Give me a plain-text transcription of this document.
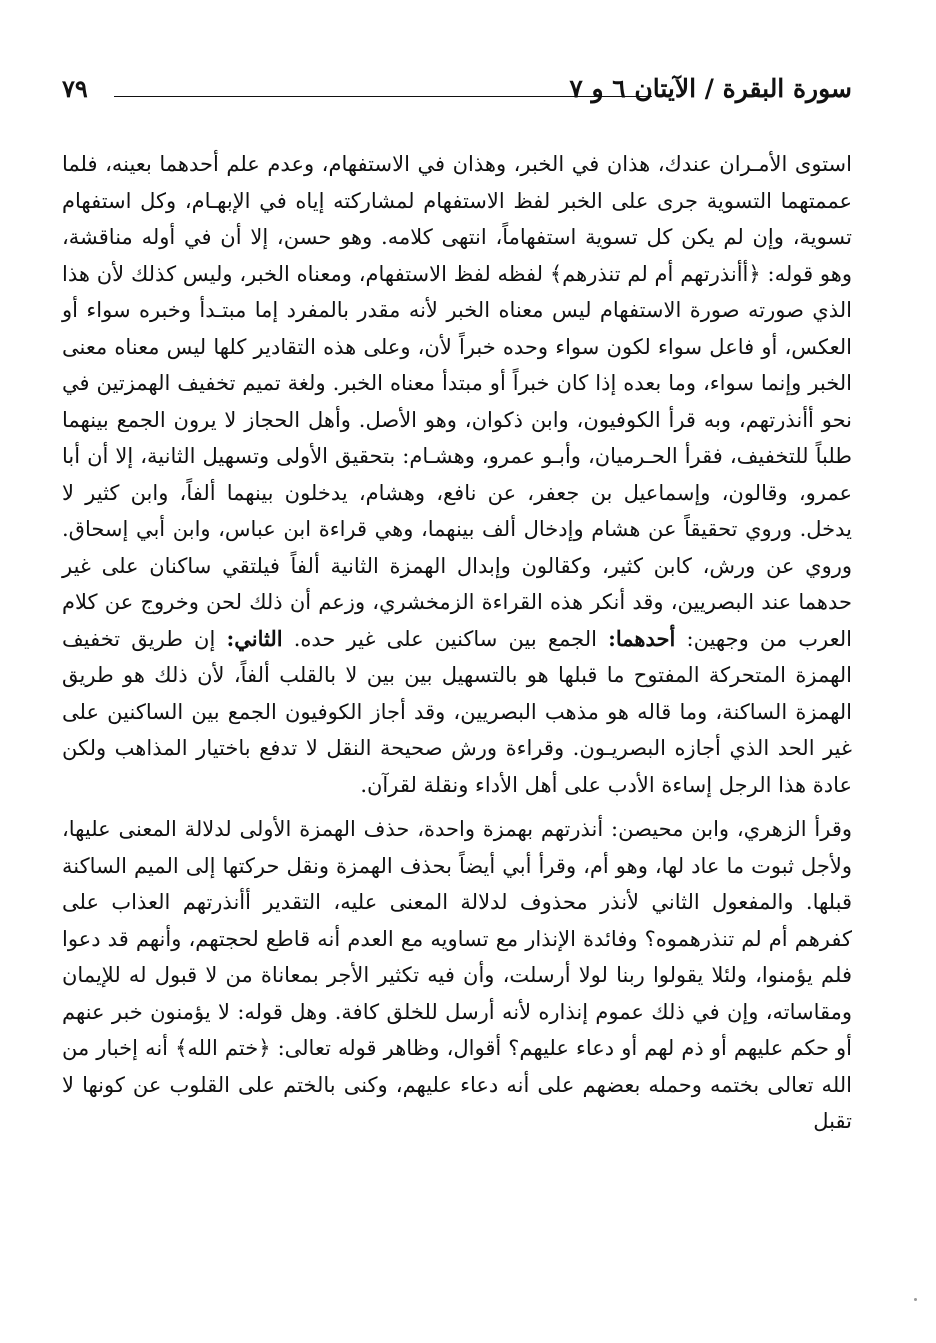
سورة البقرة / الآيتان ٦ و ٧
٧٩

استوى الأمـران عندك، هذان في الخبر، وهذان في الاستفهام، وعدم علم أحدهما بعينه، فلما عممتهما التسوية جرى على الخبر لفظ الاستفهام لمشاركته إياه في الإبهـام، وكل استفهام تسوية، وإن لم يكن كل تسوية استفهاماً، انتهى كلامه. وهو حسن، إلا أن في أوله مناقشة، وهو قوله: ﴿أأنذرتهم أم لم تنذرهم﴾ لفظه لفظ الاستفهام، ومعناه الخبر، وليس كذلك لأن هذا الذي صورته صورة الاستفهام ليس معناه الخبر لأنه مقدر بالمفرد إما مبتـدأ وخبره سواء أو العكس، أو فاعل سواء لكون سواء وحده خبراً لأن، وعلى هذه التقادير كلها ليس معناه معنى الخبر وإنما سواء، وما بعده إذا كان خبراً أو مبتدأ معناه الخبر. ولغة تميم تخفيف الهمزتين في نحو أأنذرتهم، وبه قرأ الكوفيون، وابن ذكوان، وهو الأصل. وأهل الحجاز لا يرون الجمع بينهما طلباً للتخفيف، فقرأ الحـرميان، وأبـو عمرو، وهشـام: بتحقيق الأولى وتسهيل الثانية، إلا أن أبا عمرو، وقالون، وإسماعيل بن جعفر، عن نافع، وهشام، يدخلون بينهما ألفاً، وابن كثير لا يدخل. وروي تحقيقاً عن هشام وإدخال ألف بينهما، وهي قراءة ابن عباس، وابن أبي إسحاق. وروي عن ورش، كابن كثير، وكقالون وإبدال الهمزة الثانية ألفاً فيلتقي ساكنان على غير حدهما عند البصريين، وقد أنكر هذه القراءة الزمخشري، وزعم أن ذلك لحن وخروج عن كلام العرب من وجهين: أحدهما: الجمع بين ساكنين على غير حده. الثاني: إن طريق تخفيف الهمزة المتحركة المفتوح ما قبلها هو بالتسهيل بين بين لا بالقلب ألفاً، لأن ذلك هو طريق الهمزة الساكنة، وما قاله هو مذهب البصريين، وقد أجاز الكوفيون الجمع بين الساكنين على غير الحد الذي أجازه البصريـون. وقراءة ورش صحيحة النقل لا تدفع باختيار المذاهب ولكن عادة هذا الرجل إساءة الأدب على أهل الأداء ونقلة لقرآن.

وقرأ الزهري، وابن محيصن: أنذرتهم بهمزة واحدة، حذف الهمزة الأولى لدلالة المعنى عليها، ولأجل ثبوت ما عاد لها، وهو أم، وقرأ أبي أيضاً بحذف الهمزة ونقل حركتها إلى الميم الساكنة قبلها. والمفعول الثاني لأنذر محذوف لدلالة المعنى عليه، التقدير أأنذرتهم العذاب على كفرهم أم لم تنذرهموه؟ وفائدة الإنذار مع تساويه مع العدم أنه قاطع لحجتهم، وأنهم قد دعوا فلم يؤمنوا، ولئلا يقولوا ربنا لولا أرسلت، وأن فيه تكثير الأجر بمعاناة من لا قبول له للإيمان ومقاساته، وإن في ذلك عموم إنذاره لأنه أرسل للخلق كافة. وهل قوله: لا يؤمنون خبر عنهم أو حكم عليهم أو ذم لهم أو دعاء عليهم؟ أقوال، وظاهر قوله تعالى: ﴿ختم الله﴾ أنه إخبار من الله تعالى بختمه وحمله بعضهم على أنه دعاء عليهم، وكنى بالختم على القلوب عن كونها لا تقبل
